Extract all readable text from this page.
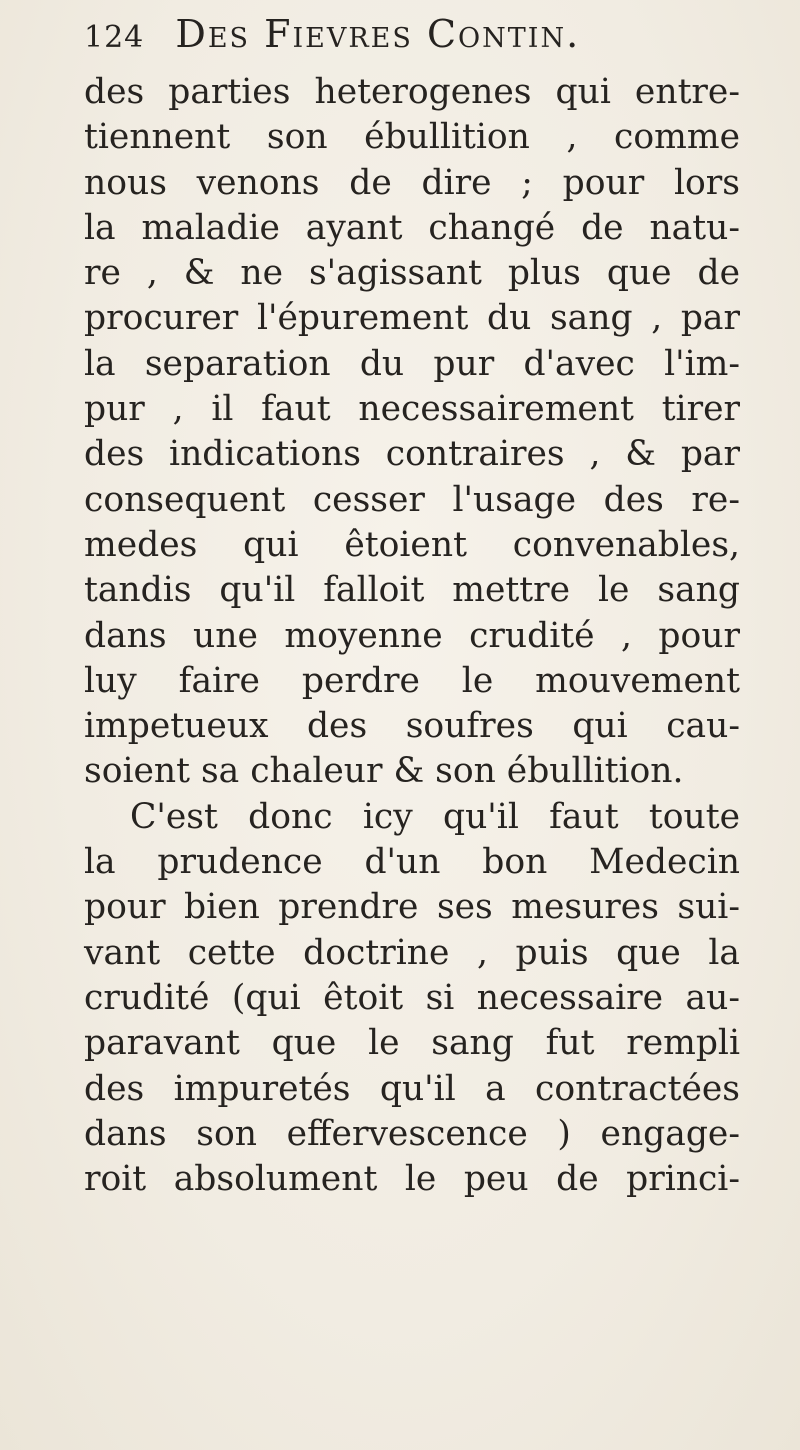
124 Des Fievres Contin.
des parties heterogenes qui entre-
tiennent son ébullition , comme
nous venons de dire ; pour lors
la maladie ayant changé de natu-
re , & ne s'agissant plus que de
procurer l'épurement du sang , par
la separation du pur d'avec l'im-
pur , il faut necessairement tirer
des indications contraires , & par
consequent cesser l'usage des re-
medes qui êtoient convenables,
tandis qu'il falloit mettre le sang
dans une moyenne crudité , pour
luy faire perdre le mouvement
impetueux des soufres qui cau-
soient sa chaleur & son ébullition.
C'est donc icy qu'il faut toute
la prudence d'un bon Medecin
pour bien prendre ses mesures sui-
vant cette doctrine , puis que la
crudité (qui êtoit si necessaire au-
paravant que le sang fut rempli
des impuretés qu'il a contractées
dans son effervescence ) engage-
roit absolument le peu de princi-
